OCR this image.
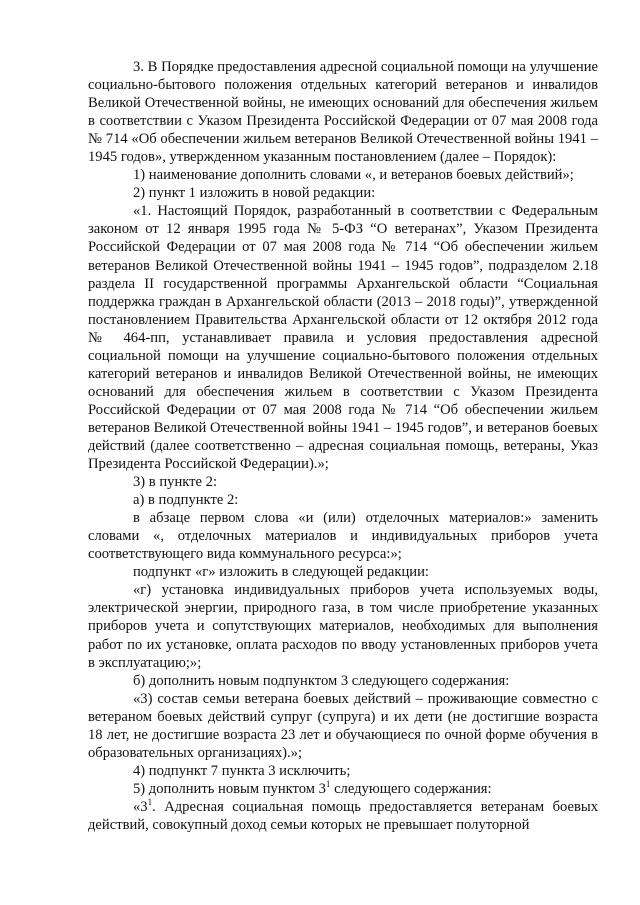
3. В Порядке предоставления адресной социальной помощи на улучшение социально-бытового положения отдельных категорий ветеранов и инвалидов Великой Отечественной войны, не имеющих оснований для обеспечения жильем в соответствии с Указом Президента Российской Федерации от 07 мая 2008 года № 714 «Об обеспечении жильем ветеранов Великой Отечественной войны 1941 – 1945 годов», утвержденном указанным постановлением (далее – Порядок):

1) наименование дополнить словами «, и ветеранов боевых действий»;

2) пункт 1 изложить в новой редакции:

«1. Настоящий Порядок, разработанный в соответствии с Федеральным законом от 12 января 1995 года № 5-ФЗ “О ветеранах”, Указом Президента Российской Федерации от 07 мая 2008 года № 714 “Об обеспечении жильем ветеранов Великой Отечественной войны 1941 – 1945 годов”, подразделом 2.18 раздела II государственной программы Архангельской области “Социальная поддержка граждан в Архангельской области (2013 – 2018 годы)”, утвержденной постановлением Правительства Архангельской области от 12 октября 2012 года № 464-пп, устанавливает правила и условия предоставления адресной социальной помощи на улучшение социально-бытового положения отдельных категорий ветеранов и инвалидов Великой Отечественной войны, не имеющих оснований для обеспечения жильем в соответствии с Указом Президента Российской Федерации от 07 мая 2008 года № 714 “Об обеспечении жильем ветеранов Великой Отечественной войны 1941 – 1945 годов”, и ветеранов боевых действий (далее соответственно – адресная социальная помощь, ветераны, Указ Президента Российской Федерации).»;

3) в пункте 2:

а) в подпункте 2:

в абзаце первом слова «и (или) отделочных материалов:» заменить словами «, отделочных материалов и индивидуальных приборов учета соответствующего вида коммунального ресурса:»;

подпункт «г» изложить в следующей редакции:

«г) установка индивидуальных приборов учета используемых воды, электрической энергии, природного газа, в том числе приобретение указанных приборов учета и сопутствующих материалов, необходимых для выполнения работ по их установке, оплата расходов по вводу установленных приборов учета в эксплуатацию;»;

б) дополнить новым подпунктом 3 следующего содержания:

«3) состав семьи ветерана боевых действий – проживающие совместно с ветераном боевых действий супруг (супруга) и их дети (не достигшие возраста 18 лет, не достигшие возраста 23 лет и обучающиеся по очной форме обучения в образовательных организациях).»;

4) подпункт 7 пункта 3 исключить;

5) дополнить новым пунктом $3^1$ следующего содержания:

«$3^1$. Адресная социальная помощь предоставляется ветеранам боевых действий, совокупный доход семьи которых не превышает полуторной
